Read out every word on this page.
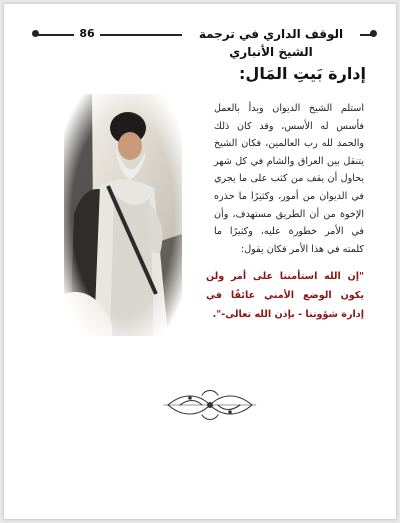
الوقف الداري في ترجمة الشيخ الأنباري
86
إدارة بَيتِ المَال:
استلم الشيخ الديوان وبدأ بالعمل فأسس له الأسس، وقد كان ذلك والحمد لله رب العالمين، فكان الشيخ يتنقل بين العراق والشام في كل شهر يحاول أن يقف من كثب على ما يجري في الديوان من أمور، وكثيرًا ما حذره الإخوة من أن الطريق مستهدف، وأن في الأمر خطورة عليه، وكثيرًا ما كلمته في هذا الأمر فكان يقول:
"إن الله استأمننا على أمر ولن يكون الوضع الأمني عائقًا في إدارة شؤوننا - بإذن الله تعالى-".
